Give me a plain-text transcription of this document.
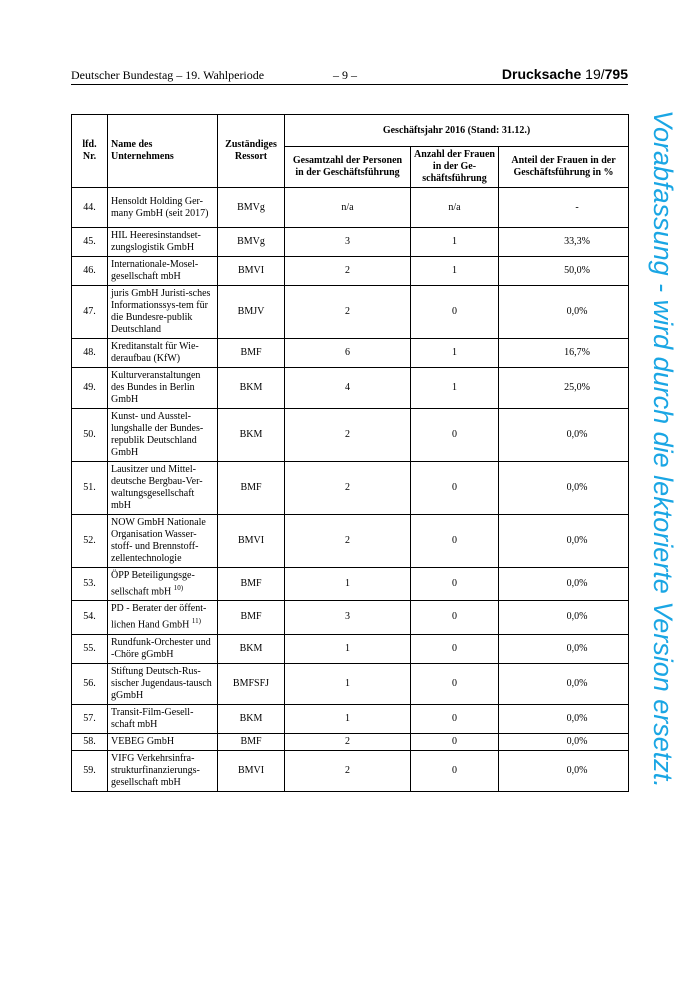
Deutscher Bundestag – 19. Wahlperiode	– 9 –	Drucksache 19/795
lfd. Nr.	Name des Unternehmens	Zuständiges Ressort	Geschäftsjahr 2016 (Stand: 31.12.)		
			Gesamtzahl der Personen in der Geschäftsführung	Anzahl der Frauen in der Ge-schäftsführung	Anteil der Frauen in der Geschäftsführung in %
44.	Hensoldt Holding Ger-many GmbH (seit 2017)	BMVg	n/a	n/a	-
45.	HIL Heeresinstandset-zungslogistik GmbH	BMVg	3	1	33,3%
46.	Internationale-Mosel-gesellschaft mbH	BMVI	2	1	50,0%
47.	juris GmbH Juristi-sches Informationssys-tem für die Bundesre-publik Deutschland	BMJV	2	0	0,0%
48.	Kreditanstalt für Wie-deraufbau (KfW)	BMF	6	1	16,7%
49.	Kulturveranstaltungen des Bundes in Berlin GmbH	BKM	4	1	25,0%
50.	Kunst- und Ausstel-lungshalle der Bundes-republik Deutschland GmbH	BKM	2	0	0,0%
51.	Lausitzer und Mittel-deutsche Bergbau-Ver-waltungsgesellschaft mbH	BMF	2	0	0,0%
52.	NOW GmbH Nationale Organisation Wasser-stoff- und Brennstoff-zellentechnologie	BMVI	2	0	0,0%
53.	ÖPP Beteiligungsge-sellschaft mbH $^{10)}$	BMF	1	0	0,0%
54.	PD - Berater der öffent-lichen Hand GmbH $^{11)}$	BMF	3	0	0,0%
55.	Rundfunk-Orchester und -Chöre gGmbH	BKM	1	0	0,0%
56.	Stiftung Deutsch-Rus-sischer Jugendaus-tausch gGmbH	BMFSFJ	1	0	0,0%
57.	Transit-Film-Gesell-schaft mbH	BKM	1	0	0,0%
58.	VEBEG GmbH	BMF	2	0	0,0%
59.	VIFG Verkehrsinfra-strukturfinanzierungs-gesellschaft mbH	BMVI	2	0	0,0% Vorabfassung - wird durch die lektorierte Version ersetzt.
